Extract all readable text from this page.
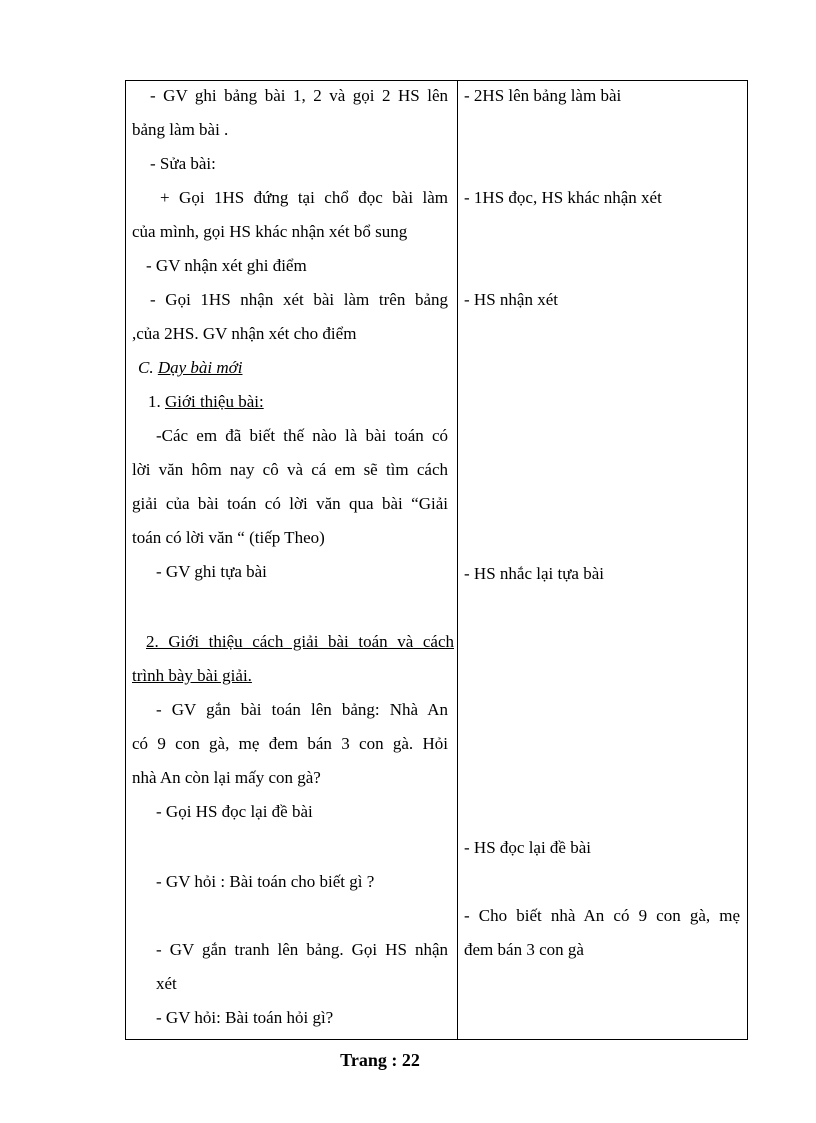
- GV ghi bảng bài 1, 2 và gọi 2 HS lên
bảng làm bài .
- Sửa bài:
+ Gọi 1HS đứng tại chổ đọc bài làm
của mình, gọi HS khác nhận xét bổ sung
- GV nhận xét ghi điểm
- Gọi 1HS nhận xét bài làm trên bảng
,của 2HS. GV nhận xét cho điểm
C. Dạy bài mới
1. Giới thiệu bài:
-Các em đã biết thế nào là bài toán có
lời văn hôm nay cô và cá em sẽ tìm cách
giải của bài toán có lời văn qua bài “Giải
toán có lời văn “ (tiếp Theo)
- GV ghi tựa bài
2. Giới thiệu cách giải bài toán và cách
trình bày bài giải.
- GV gắn bài toán lên bảng: Nhà An
có 9 con gà, mẹ đem bán 3 con gà. Hỏi
nhà An còn lại mấy con gà?
- Gọi HS đọc lại đề bài
- GV hỏi : Bài toán cho biết gì ?
- GV gắn tranh lên bảng. Gọi HS nhận
xét
- GV hỏi: Bài toán hỏi gì?
- 2HS lên bảng làm bài
- 1HS đọc, HS khác nhận xét
- HS nhận xét
- HS nhắc lại tựa bài
- HS đọc lại đề bài
- Cho biết nhà An có 9 con gà, mẹ
đem bán 3 con gà
Trang : 22
